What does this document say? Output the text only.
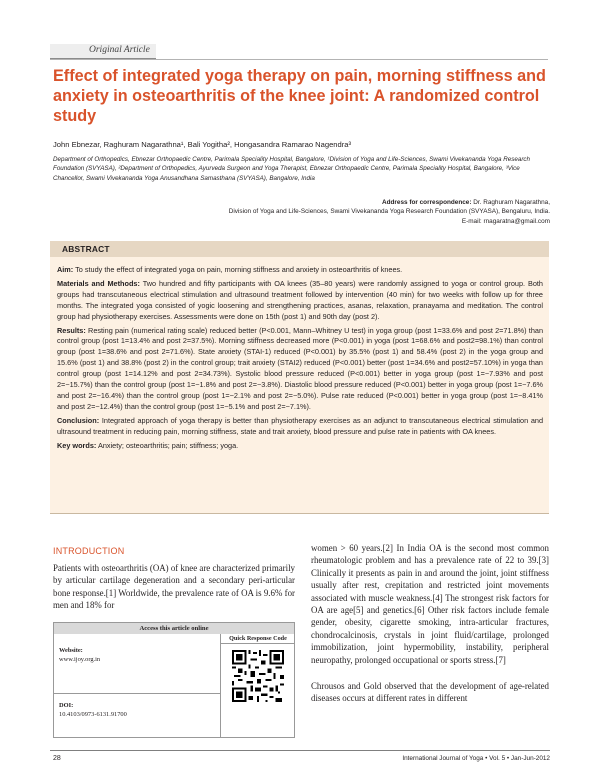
Original Article
Effect of integrated yoga therapy on pain, morning stiffness and anxiety in osteoarthritis of the knee joint: A randomized control study
John Ebnezar, Raghuram Nagarathna¹, Bali Yogitha², Hongasandra Ramarao Nagendra³
Department of Orthopedics, Ebnezar Orthopaedic Centre, Parimala Speciality Hospital, Bangalore, ¹Division of Yoga and Life-Sciences, Swami Vivekananda Yoga Research Foundation (SVYASA), ²Department of Orthopedics, Ayurveda Surgeon and Yoga Therapist, Ebnezar Orthopaedic Centre, Parimala Speciality Hospital, Bangalore, ³Vice Chancellor, Swami Vivekananda Yoga Anusandhana Samasthana (SVYASA), Bangalore, India
Address for correspondence: Dr. Raghuram Nagarathna,
Division of Yoga and Life-Sciences, Swami Vivekananda Yoga Research Foundation (SVYASA), Bengaluru, India.
E-mail: rnagaratna@gmail.com
ABSTRACT

Aim: To study the effect of integrated yoga on pain, morning stiffness and anxiety in osteoarthritis of knees.

Materials and Methods: Two hundred and fifty participants with OA knees (35–80 years) were randomly assigned to yoga or control group. Both groups had transcutaneous electrical stimulation and ultrasound treatment followed by intervention (40 min) for two weeks with follow up for three months. The integrated yoga consisted of yogic loosening and strengthening practices, asanas, relaxation, pranayama and meditation. The control group had physiotherapy exercises. Assessments were done on 15th (post 1) and 90th day (post 2).

Results: Resting pain (numerical rating scale) reduced better (P<0.001, Mann–Whitney U test) in yoga group (post 1=33.6% and post 2=71.8%) than control group (post 1=13.4% and post 2=37.5%). Morning stiffness decreased more (P<0.001) in yoga (post 1=68.6% and post2=98.1%) than control group (post 1=38.6% and post 2=71.6%). State anxiety (STAI-1) reduced (P<0.001) by 35.5% (post 1) and 58.4% (post 2) in the yoga group and 15.6% (post 1) and 38.8% (post 2) in the control group; trait anxiety (STAI2) reduced (P<0.001) better (post 1=34.6% and post2=57.10%) in yoga than control group (post 1=14.12% and post 2=34.73%). Systolic blood pressure reduced (P<0.001) better in yoga group (post 1=−7.93% and post 2=−15.7%) than the control group (post 1=−1.8% and post 2=−3.8%). Diastolic blood pressure reduced (P<0.001) better in yoga group (post 1=−7.6% and post 2=−16.4%) than the control group (post 1=−2.1% and post 2=−5.0%). Pulse rate reduced (P<0.001) better in yoga group (post 1=−8.41% and post 2=−12.4%) than the control group (post 1=−5.1% and post 2=−7.1%).

Conclusion: Integrated approach of yoga therapy is better than physiotherapy exercises as an adjunct to transcutaneous electrical stimulation and ultrasound treatment in reducing pain, morning stiffness, state and trait anxiety, blood pressure and pulse rate in patients with OA knees.

Key words: Anxiety; osteoarthritis; pain; stiffness; yoga.

INTRODUCTION

Patients with osteoarthritis (OA) of knee are characterized primarily by articular cartilage degeneration and a secondary peri-articular bone response.[1] Worldwide, the prevalence rate of OA is 9.6% for men and 18% for

Access this article online
Quick Response Code
Website:
www.ijoy.org.in
DOI:
10.4103/0973-6131.91700

women > 60 years.[2] In India OA is the second most common rheumatologic problem and has a prevalence rate of 22 to 39.[3] Clinically it presents as pain in and around the joint, joint stiffness usually after rest, crepitation and restricted joint movements associated with muscle weakness.[4] The strongest risk factors for OA are age[5] and genetics.[6] Other risk factors include female gender, obesity, cigarette smoking, intra-articular fractures, chondrocalcinosis, crystals in joint fluid/cartilage, prolonged immobilization, joint hypermobility, instability, peripheral neuropathy, prolonged occupational or sports stress.[7]

Chrousos and Gold observed that the development of age-related diseases occurs at different rates in different

28	International Journal of Yoga • Vol. 5 • Jan-Jun-2012
